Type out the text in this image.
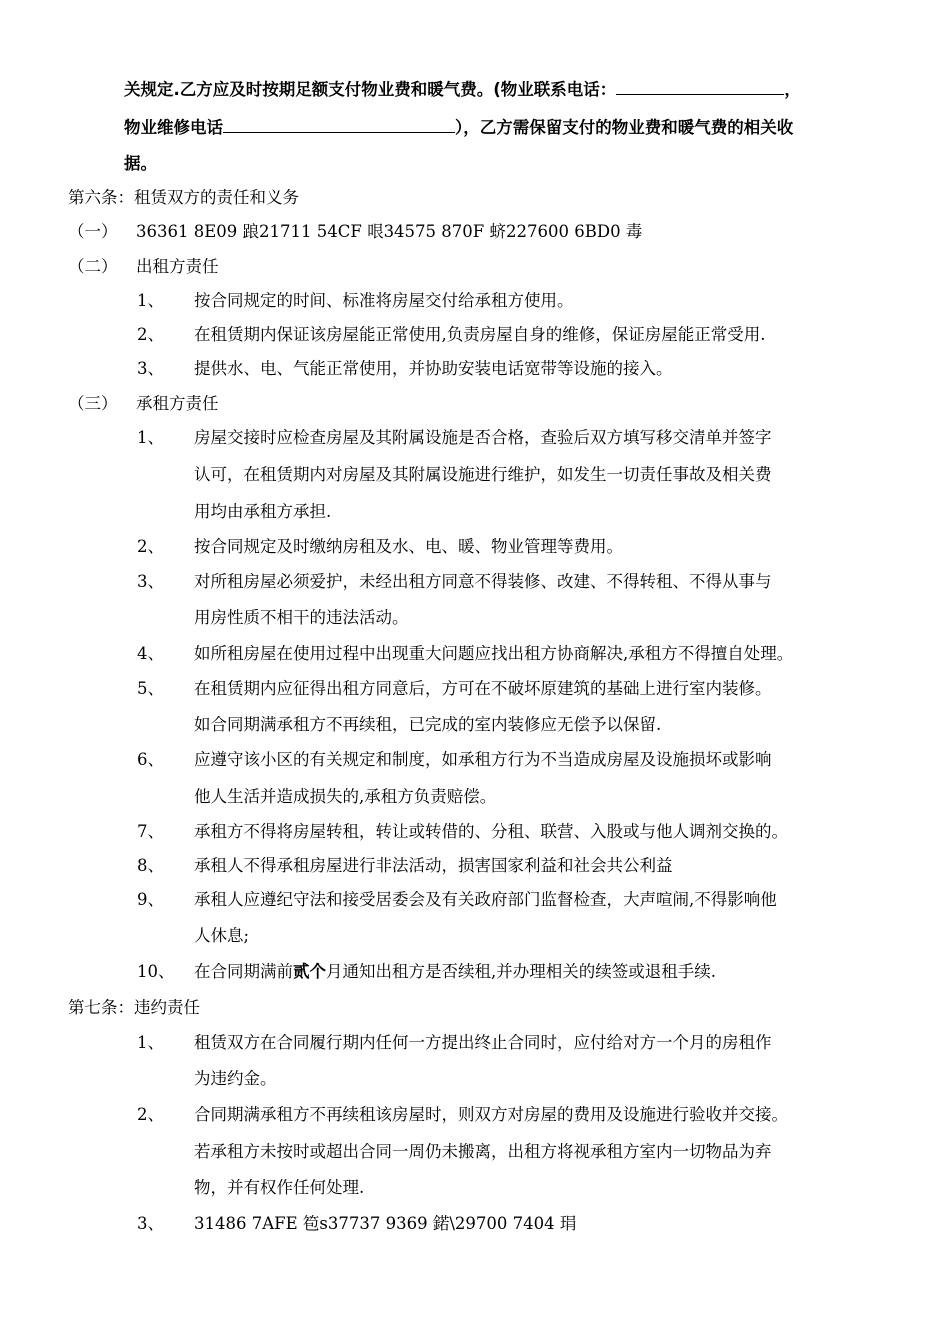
关规定.乙方应及时按期足额支付物业费和暖气费。(物业联系电话：	，
物业维修电话	），乙方需保留支付的物业费和暖气费的相关收
据。
第六条：租赁双方的责任和义务
（一） 36361 8E09 踉21711 54CF 哏34575 870F 蛴227600 6BD0 毒
（二） 出租方责任
1、 按合同规定的时间、标准将房屋交付给承租方使用。
2、 在租赁期内保证该房屋能正常使用,负责房屋自身的维修，保证房屋能正常受用.
3、 提供水、电、气能正常使用，并协助安装电话宽带等设施的接入。
（三） 承租方责任
1、 房屋交接时应检查房屋及其附属设施是否合格，查验后双方填写移交清单并签字
认可，在租赁期内对房屋及其附属设施进行维护，如发生一切责任事故及相关费
用均由承租方承担.
2、 按合同规定及时缴纳房租及水、电、暖、物业管理等费用。
3、 对所租房屋必须爱护，未经出租方同意不得装修、改建、不得转租、不得从事与
用房性质不相干的违法活动。
4、 如所租房屋在使用过程中出现重大问题应找出租方协商解决,承租方不得擅自处理。
5、 在租赁期内应征得出租方同意后，方可在不破坏原建筑的基础上进行室内装修。
如合同期满承租方不再续租，已完成的室内装修应无偿予以保留.
6、 应遵守该小区的有关规定和制度，如承租方行为不当造成房屋及设施损坏或影响
他人生活并造成损失的,承租方负责赔偿。
7、 承租方不得将房屋转租，转让或转借的、分租、联营、入股或与他人调剂交换的。
8、 承租人不得承租房屋进行非法活动，损害国家利益和社会共公利益
9、 承租人应遵纪守法和接受居委会及有关政府部门监督检查，大声喧闹,不得影响他
人休息;
10、 在合同期满前贰个月通知出租方是否续租,并办理相关的续签或退租手续.
第七条：违约责任
1、 租赁双方在合同履行期内任何一方提出终止合同时，应付给对方一个月的房租作
为违约金。
2、 合同期满承租方不再续租该房屋时，则双方对房屋的费用及设施进行验收并交接。
若承租方未按时或超出合同一周仍未搬离，出租方将视承租方室内一切物品为弃
物，并有权作任何处理.
3、 31486 7AFE 笣s37737 9369 鍩\29700 7404 琄
